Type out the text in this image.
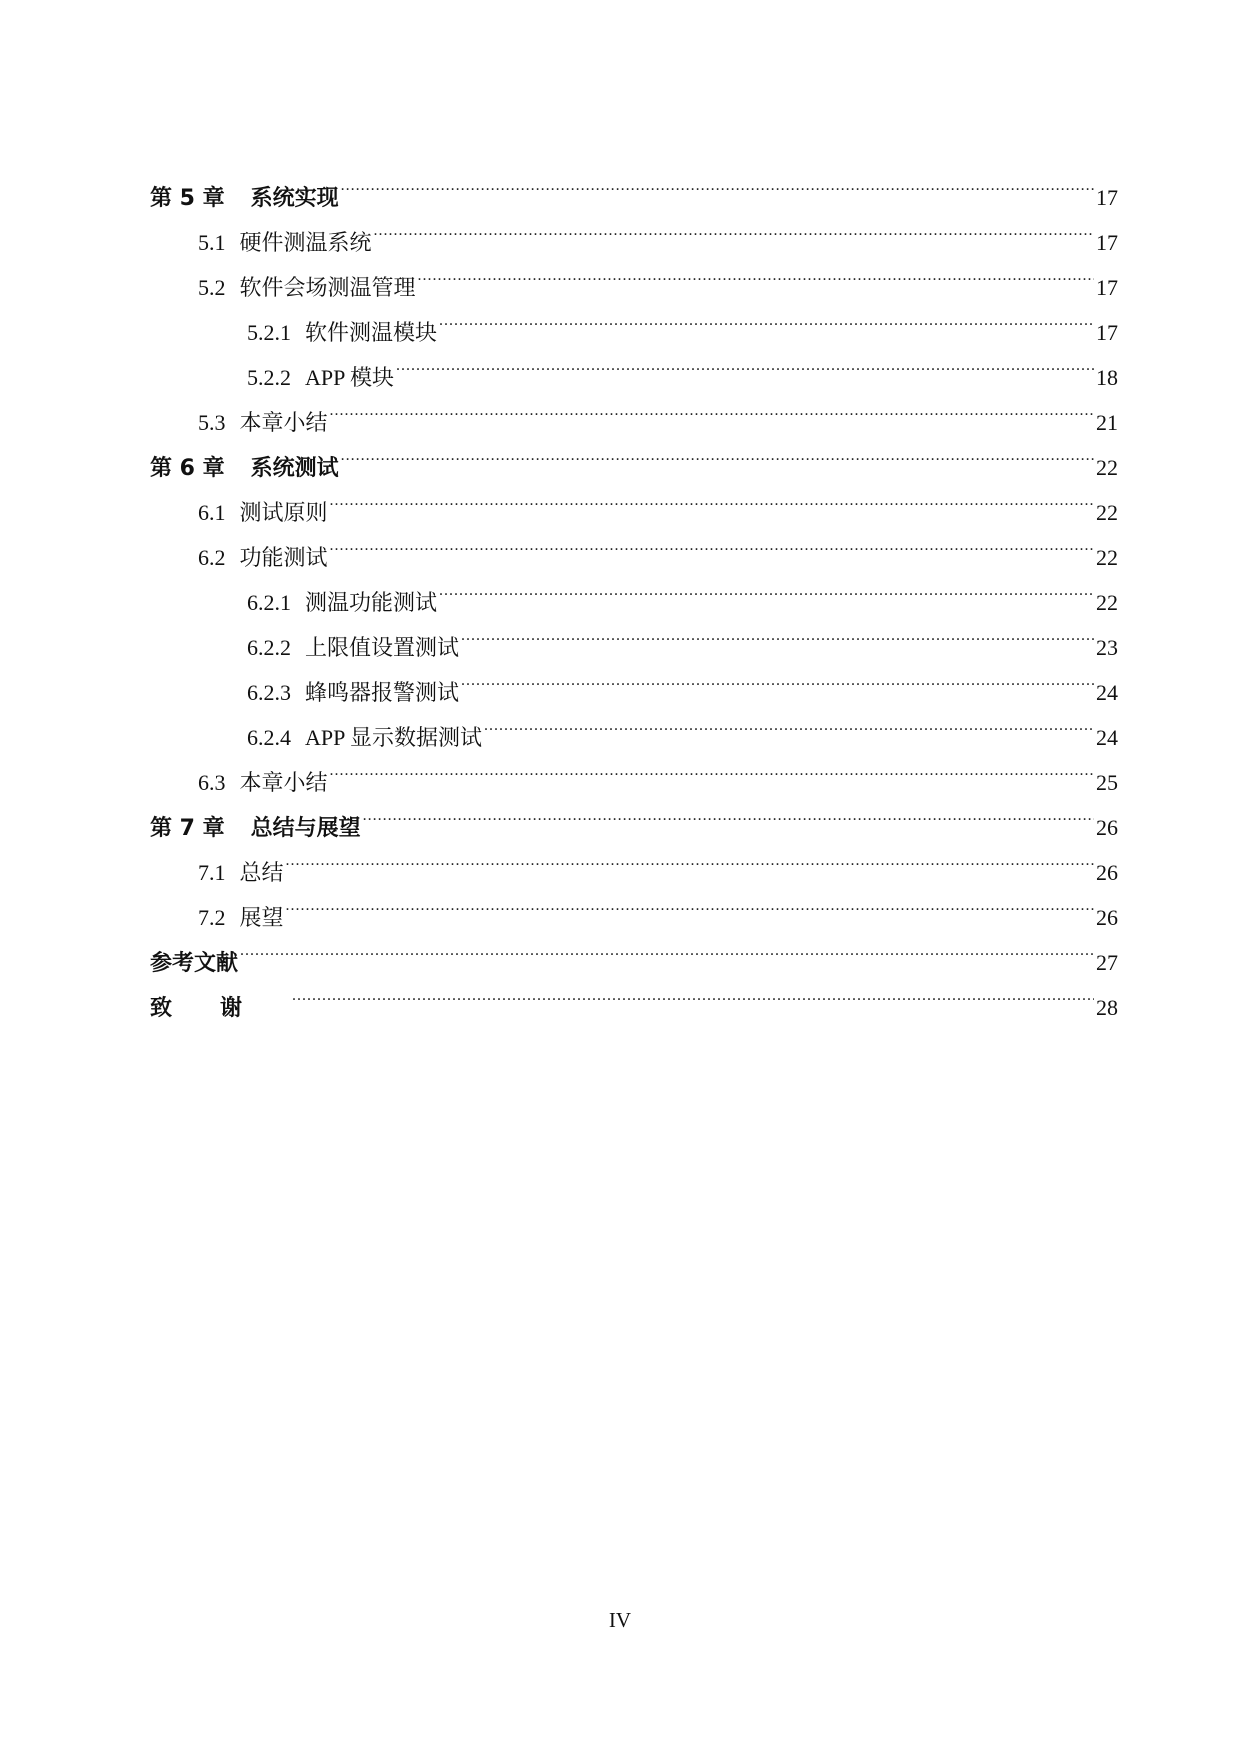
第 5 章 系统实现 .....	17
5.1 硬件测温系统 .....	17
5.2 软件会场测温管理 .....	17
5.2.1 软件测温模块 .....	17
5.2.2 APP 模块 .....	18
5.3 本章小结 .....	21
第 6 章 系统测试 .....	22
6.1 测试原则 .....	22
6.2 功能测试 .....	22
6.2.1 测温功能测试 .....	22
6.2.2 上限值设置测试 .....	23
6.2.3 蜂鸣器报警测试 .....	24
6.2.4 APP 显示数据测试 .....	24
6.3 本章小结 .....	25
第 7 章 总结与展望 .....	26
7.1 总结 .....	26
7.2 展望 .....	26
参考文献 .....	27
致谢 .....	28
IV
